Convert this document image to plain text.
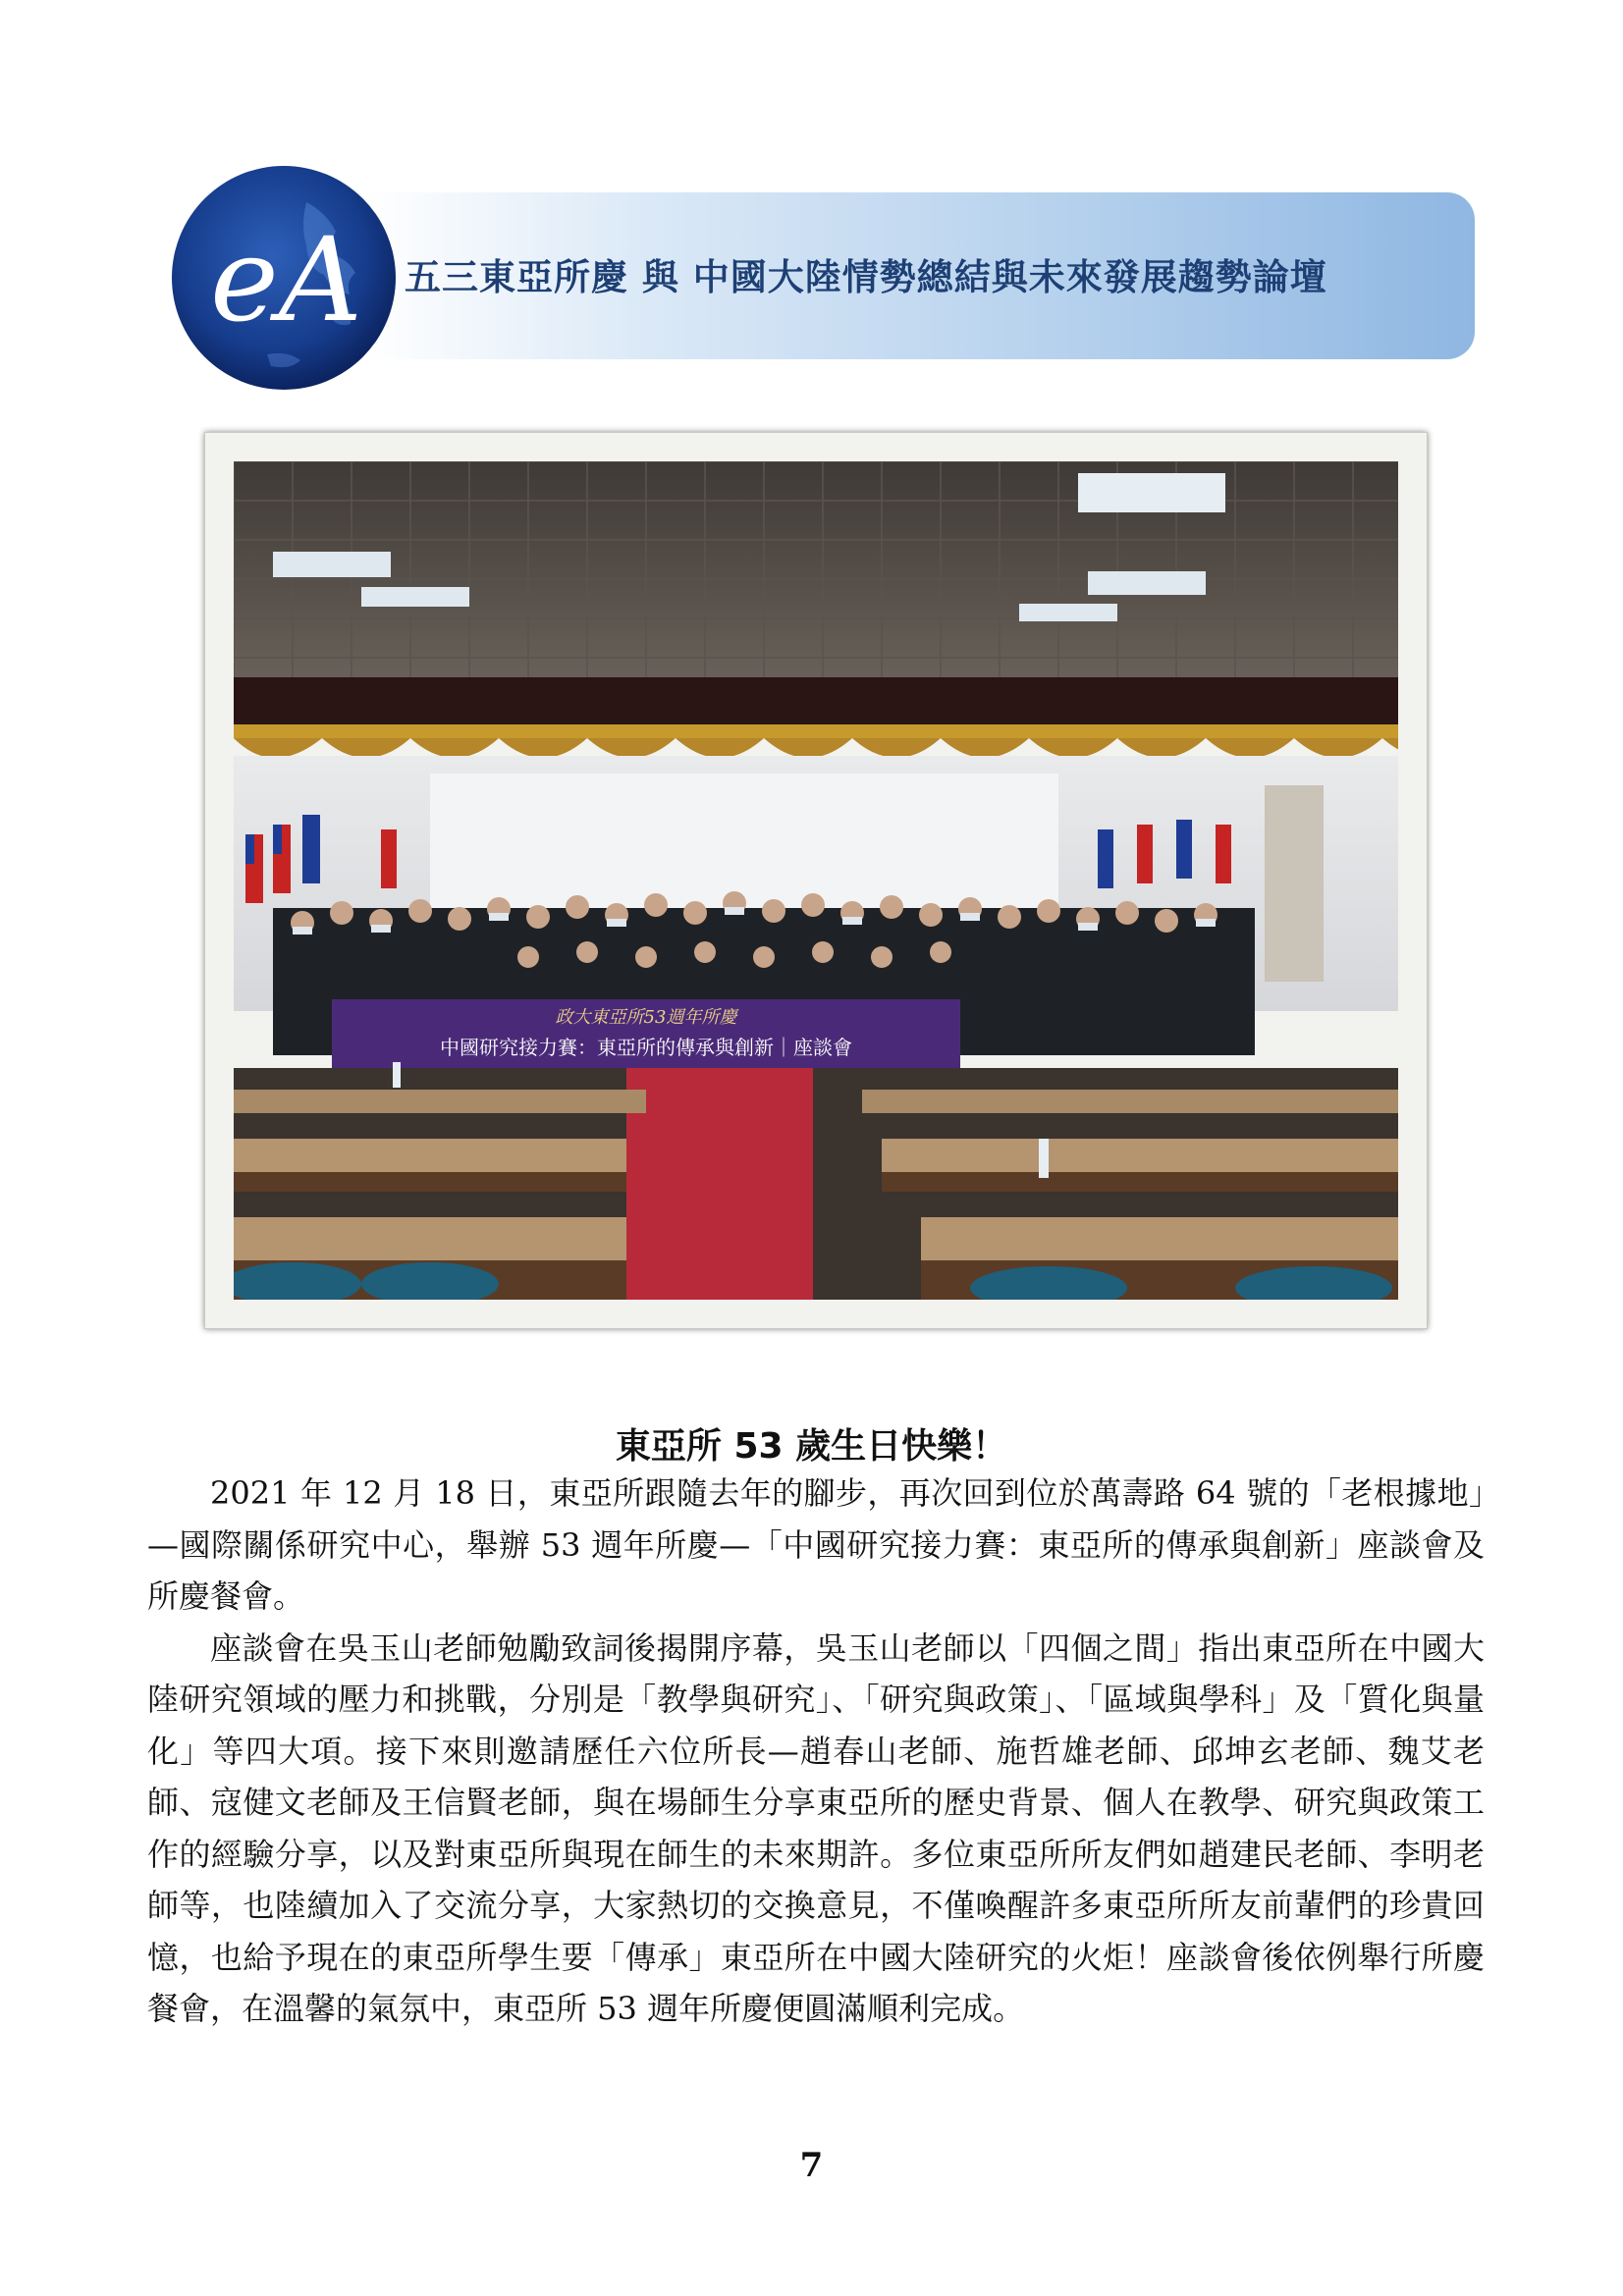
五三東亞所慶 與 中國大陸情勢總結與未來發展趨勢論壇
eA
政大東亞所53週年所慶
中國研究接力賽：東亞所的傳承與創新｜座談會
東亞所 53 歲生日快樂！

2021 年 12 月 18 日，東亞所跟隨去年的腳步，再次回到位於萬壽路 64 號的「老根據地」—國際關係研究中心，舉辦 53 週年所慶—「中國研究接力賽：東亞所的傳承與創新」座談會及所慶餐會。

座談會在吳玉山老師勉勵致詞後揭開序幕，吳玉山老師以「四個之間」指出東亞所在中國大陸研究領域的壓力和挑戰，分別是「教學與研究」、「研究與政策」、「區域與學科」及「質化與量化」等四大項。接下來則邀請歷任六位所長—趙春山老師、施哲雄老師、邱坤玄老師、魏艾老師、寇健文老師及王信賢老師，與在場師生分享東亞所的歷史背景、個人在教學、研究與政策工作的經驗分享，以及對東亞所與現在師生的未來期許。多位東亞所所友們如趙建民老師、李明老師等，也陸續加入了交流分享，大家熱切的交換意見，不僅喚醒許多東亞所所友前輩們的珍貴回憶，也給予現在的東亞所學生要「傳承」東亞所在中國大陸研究的火炬！座談會後依例舉行所慶餐會，在溫馨的氣氛中，東亞所 53 週年所慶便圓滿順利完成。

7
